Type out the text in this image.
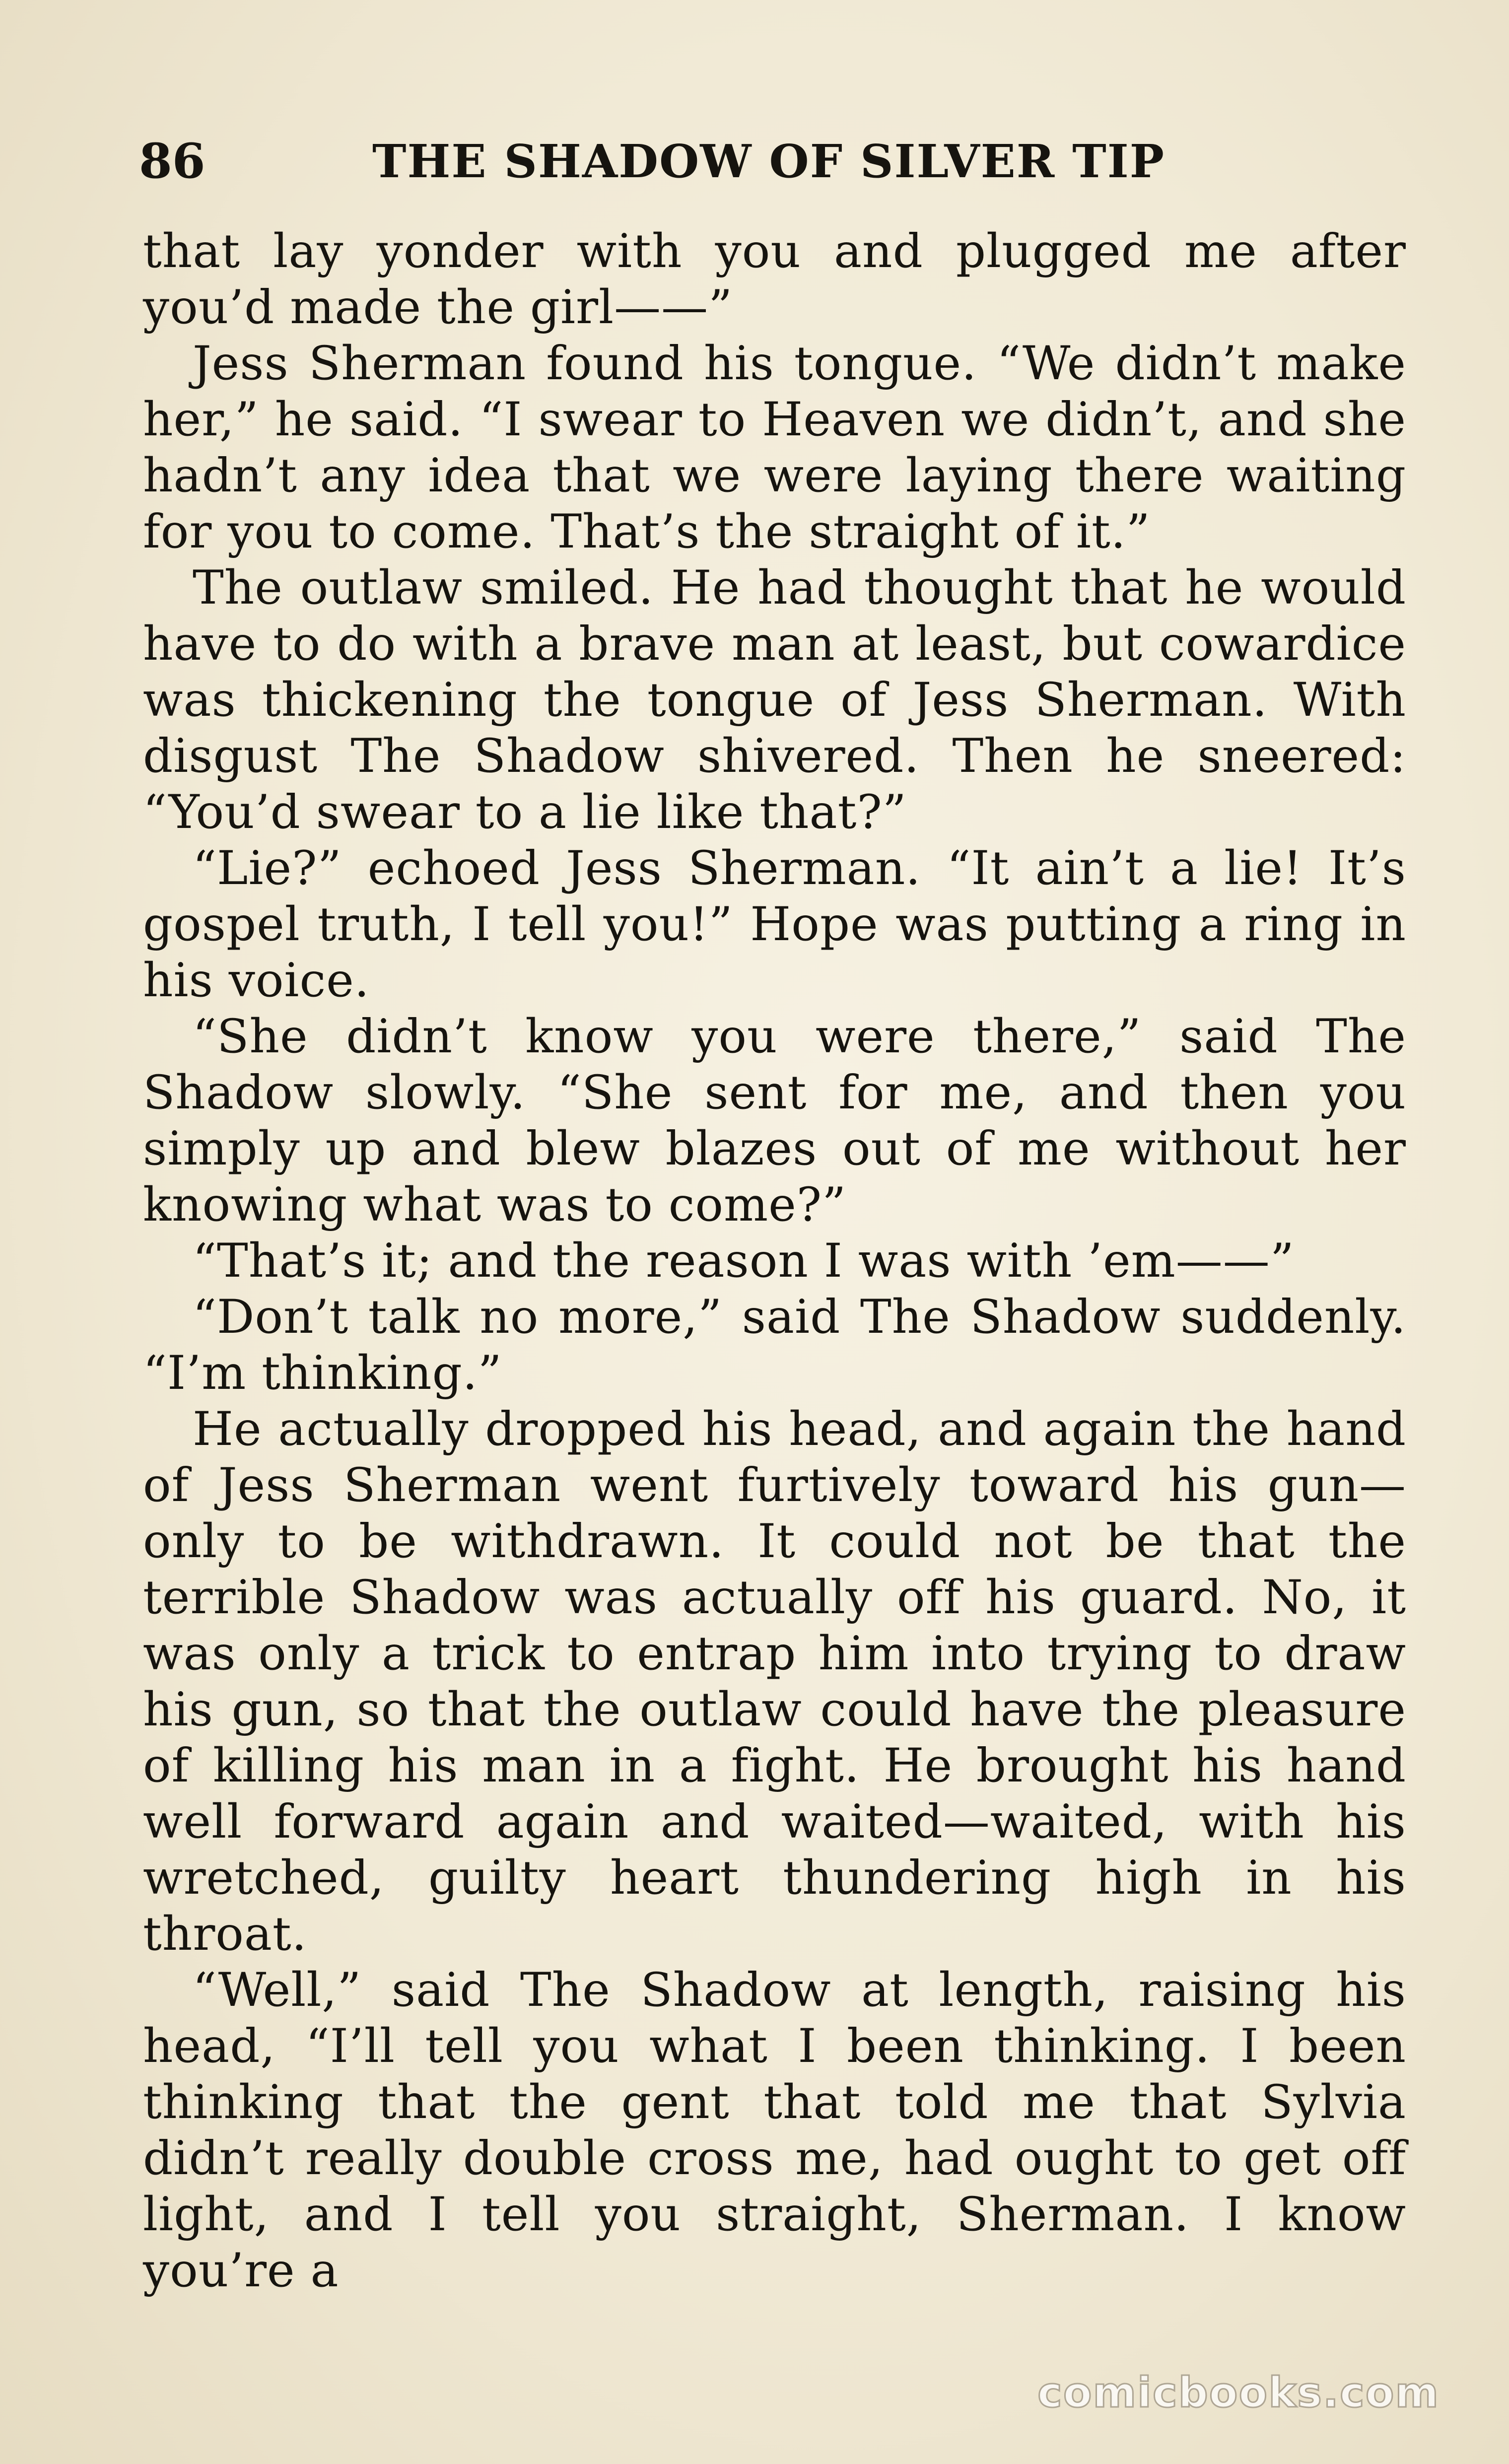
86	THE SHADOW OF SILVER TIP

that lay yonder with you and plugged me after you’d made the girl——”

Jess Sherman found his tongue. “We didn’t make her,” he said. “I swear to Heaven we didn’t, and she hadn’t any idea that we were laying there waiting for you to come. That’s the straight of it.”

The outlaw smiled. He had thought that he would have to do with a brave man at least, but cowardice was thickening the tongue of Jess Sherman. With disgust The Shadow shivered. Then he sneered: “You’d swear to a lie like that?”

“Lie?” echoed Jess Sherman. “It ain’t a lie! It’s gospel truth, I tell you!” Hope was putting a ring in his voice.

“She didn’t know you were there,” said The Shadow slowly. “She sent for me, and then you simply up and blew blazes out of me without her knowing what was to come?”

“That’s it; and the reason I was with ’em——”

“Don’t talk no more,” said The Shadow suddenly. “I’m thinking.”

He actually dropped his head, and again the hand of Jess Sherman went furtively toward his gun—only to be withdrawn. It could not be that the terrible Shadow was actually off his guard. No, it was only a trick to entrap him into trying to draw his gun, so that the outlaw could have the pleasure of killing his man in a fight. He brought his hand well forward again and waited—waited, with his wretched, guilty heart thundering high in his throat.

“Well,” said The Shadow at length, raising his head, “I’ll tell you what I been thinking. I been thinking that the gent that told me that Sylvia didn’t really double cross me, had ought to get off light, and I tell you straight, Sherman. I know you’re a

comicbooks.com
